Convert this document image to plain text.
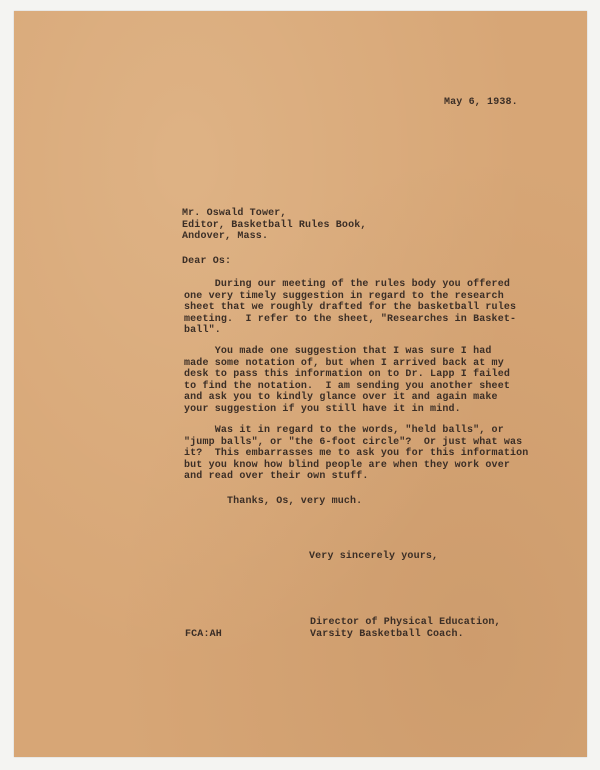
May 6, 1938.
Mr. Oswald Tower,
Editor, Basketball Rules Book,
Andover, Mass.
Dear Os:
During our meeting of the rules body you offered
one very timely suggestion in regard to the research
sheet that we roughly drafted for the basketball rules
meeting.  I refer to the sheet, "Researches in Basket-
ball".
You made one suggestion that I was sure I had
made some notation of, but when I arrived back at my
desk to pass this information on to Dr. Lapp I failed
to find the notation.  I am sending you another sheet
and ask you to kindly glance over it and again make
your suggestion if you still have it in mind.
Was it in regard to the words, "held balls", or
"jump balls", or "the 6-foot circle"?  Or just what was
it?  This embarrasses me to ask you for this information
but you know how blind people are when they work over
and read over their own stuff.
Thanks, Os, very much.
Very sincerely yours,
FCA:AH
Director of Physical Education,
Varsity Basketball Coach.
